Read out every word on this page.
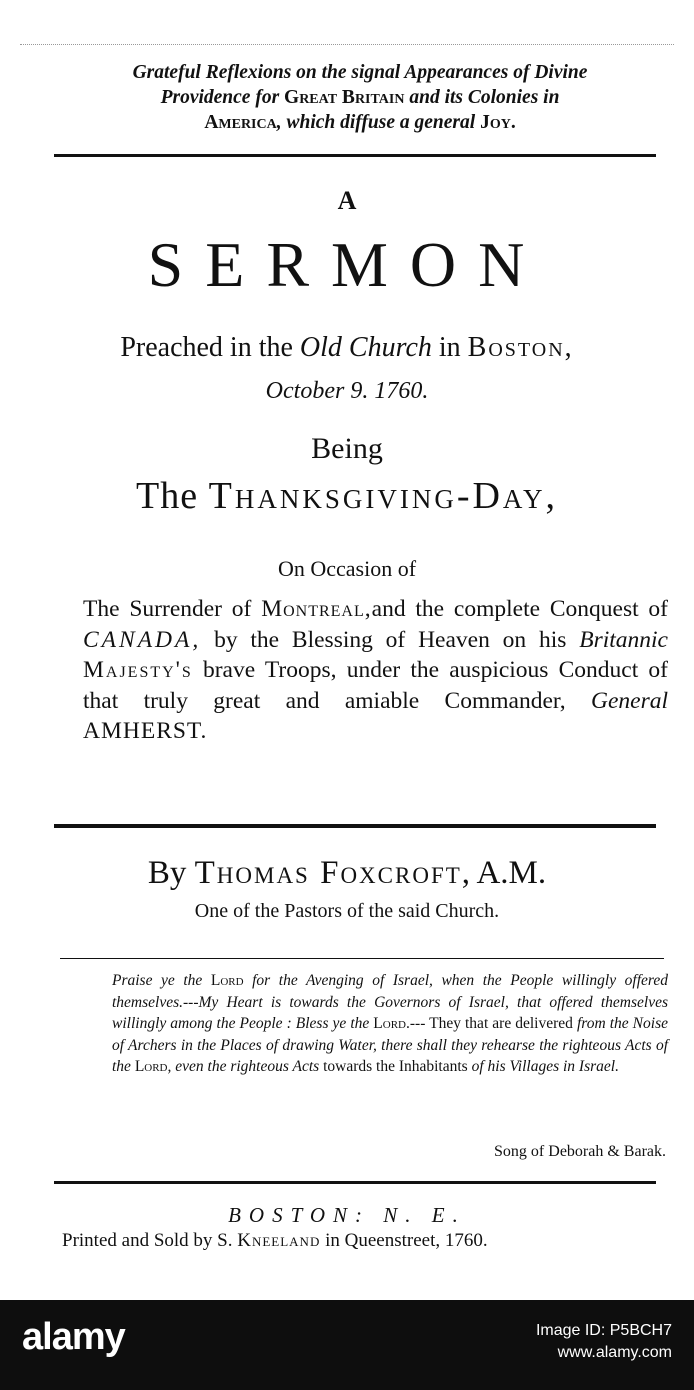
Grateful Reflexions on the signal Appearances of Divine
Providence for Great Britain and its Colonies in
America, which diffuse a general Joy.
A
SERMON
Preached in the Old Church in Boston,
October 9. 1760.
Being
The Thanksgiving-Day,
On Occasion of
The Surrender of Montreal,and the complete Conquest of CANADA, by the Blessing of Heaven on his Britannic Majesty's brave Troops, under the auspicious Conduct of that truly great and amiable Commander, General AMHERST.
By Thomas Foxcroft, A.M.
One of the Pastors of the said Church.
Praise ye the Lord for the Avenging of Israel, when the People willingly offered themselves.---My Heart is towards the Governors of Israel, that offered themselves willingly among the People : Bless ye the Lord.--- They that are delivered from the Noise of Archers in the Places of drawing Water, there shall they rehearse the righteous Acts of the Lord, even the righteous Acts towards the Inhabitants of his Villages in Israel.
Song of Deborah & Barak.
BOSTON: N. E.
Printed and Sold by S. Kneeland in Queenstreet, 1760.
alamy	Image ID: P5BCH7
www.alamy.com
